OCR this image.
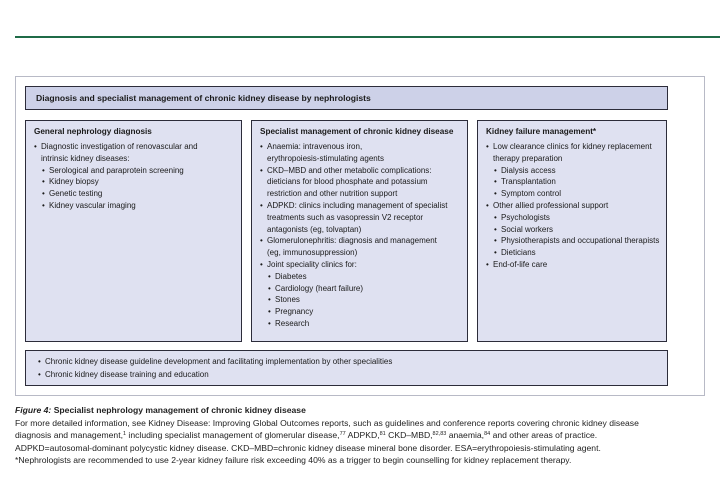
Diagnosis and specialist management of chronic kidney disease by nephrologists
General nephrology diagnosis
• Diagnostic investigation of renovascular and
intrinsic kidney diseases:
• Serological and paraprotein screening
• Kidney biopsy
• Genetic testing
• Kidney vascular imaging
Specialist management of chronic kidney disease
• Anaemia: intravenous iron,
erythropoiesis-stimulating agents
• CKD–MBD and other metabolic complications:
dieticians for blood phosphate and potassium
restriction and other nutrition support
• ADPKD: clinics including management of specialist
treatments such as vasopressin V2 receptor
antagonists (eg, tolvaptan)
• Glomerulonephritis: diagnosis and management
(eg, immunosuppression)
• Joint speciality clinics for:
• Diabetes
• Cardiology (heart failure)
• Stones
• Pregnancy
• Research
Kidney failure management*
• Low clearance clinics for kidney replacement
therapy preparation
• Dialysis access
• Transplantation
• Symptom control
• Other allied professional support
• Psychologists
• Social workers
• Physiotherapists and occupational therapists
• Dieticians
• End-of-life care
• Chronic kidney disease guideline development and facilitating implementation by other specialities
• Chronic kidney disease training and education

Figure 4: Specialist nephrology management of chronic kidney disease

For more detailed information, see Kidney Disease: Improving Global Outcomes reports, such as guidelines and conference reports covering chronic kidney disease

diagnosis and management,$^1$ including specialist management of glomerular disease,$^{77}$ ADPKD,$^{81}$ CKD–MBD,$^{82,83}$ anaemia,$^{84}$ and other areas of practice.

ADPKD=autosomal-dominant polycystic kidney disease. CKD–MBD=chronic kidney disease mineral bone disorder. ESA=erythropoiesis-stimulating agent.

*Nephrologists are recommended to use 2-year kidney failure risk exceeding 40% as a trigger to begin counselling for kidney replacement therapy.
